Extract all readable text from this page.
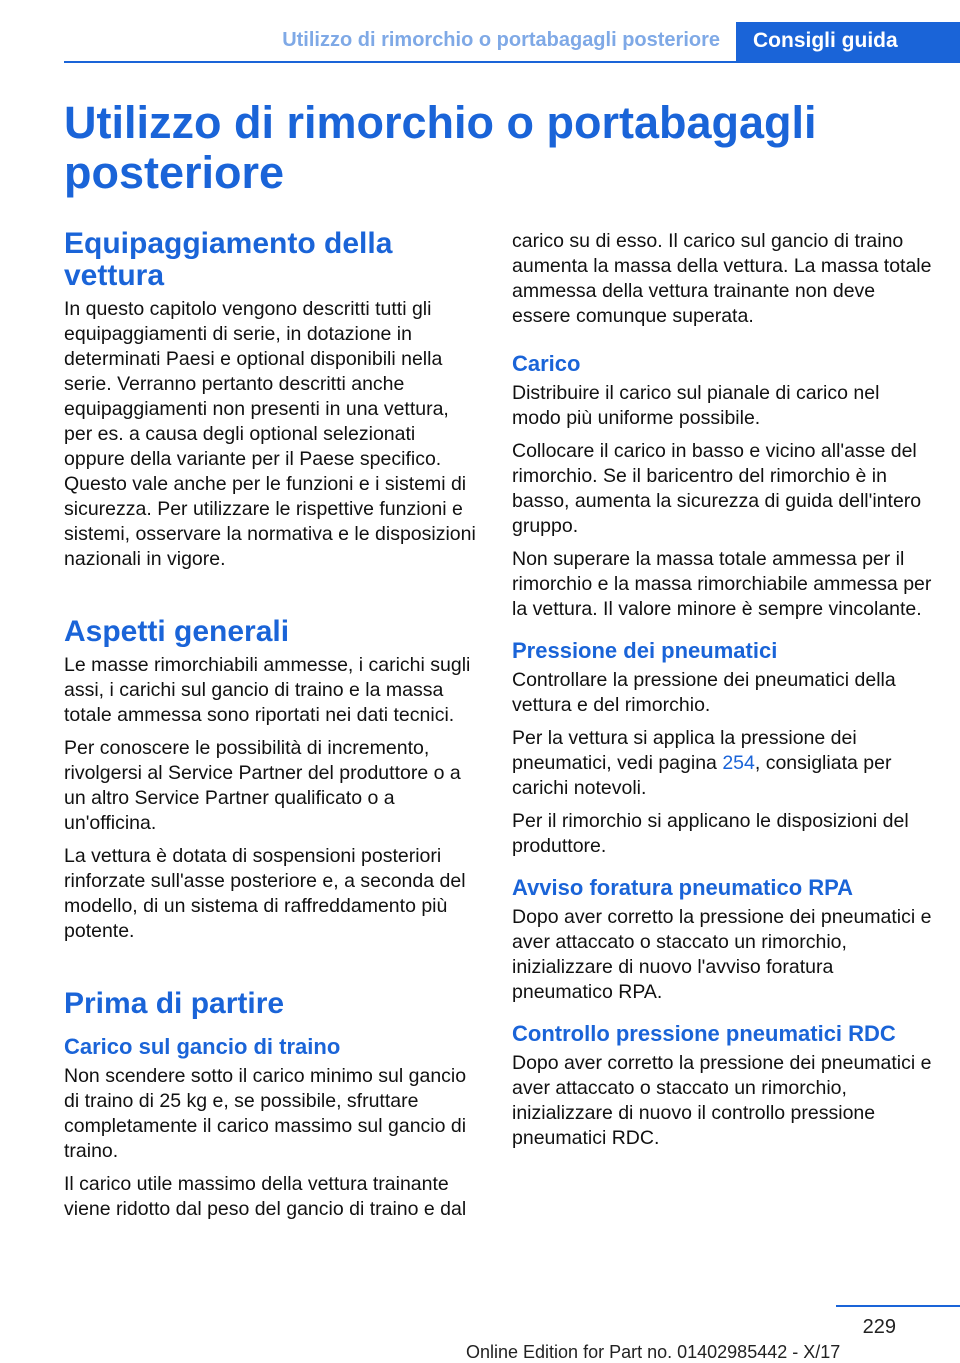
Utilizzo di rimorchio o portabagagli posteriore	Consigli guida
Utilizzo di rimorchio o portabagagli posteriore
Equipaggiamento della vettura

In questo capitolo vengono descritti tutti gli equipaggiamenti di serie, in dotazione in determinati Paesi e optional disponibili nella serie. Verranno pertanto descritti anche equipaggiamenti non presenti in una vettura, per es. a causa degli optional selezionati oppure della variante per il Paese specifico. Questo vale anche per le funzioni e i sistemi di sicurezza. Per utilizzare le rispettive funzioni e sistemi, osservare la normativa e le disposizioni nazionali in vigore.

Aspetti generali

Le masse rimorchiabili ammesse, i carichi sugli assi, i carichi sul gancio di traino e la massa totale ammessa sono riportati nei dati tecnici.

Per conoscere le possibilità di incremento, rivolgersi al Service Partner del produttore o a un altro Service Partner qualificato o a un'officina.

La vettura è dotata di sospensioni posteriori rinforzate sull'asse posteriore e, a seconda del modello, di un sistema di raffreddamento più potente.

Prima di partire
Carico sul gancio di traino

Non scendere sotto il carico minimo sul gancio di traino di 25 kg e, se possibile, sfruttare completamente il carico massimo sul gancio di traino.

Il carico utile massimo della vettura trainante viene ridotto dal peso del gancio di traino e dal

carico su di esso. Il carico sul gancio di traino aumenta la massa della vettura. La massa totale ammessa della vettura trainante non deve essere comunque superata.

Carico

Distribuire il carico sul pianale di carico nel modo più uniforme possibile.

Collocare il carico in basso e vicino all'asse del rimorchio. Se il baricentro del rimorchio è in basso, aumenta la sicurezza di guida dell'intero gruppo.

Non superare la massa totale ammessa per il rimorchio e la massa rimorchiabile ammessa per la vettura. Il valore minore è sempre vincolante.

Pressione dei pneumatici

Controllare la pressione dei pneumatici della vettura e del rimorchio.

Per la vettura si applica la pressione dei pneumatici, vedi pagina 254, consigliata per carichi notevoli.

Per il rimorchio si applicano le disposizioni del produttore.

Avviso foratura pneumatico RPA

Dopo aver corretto la pressione dei pneumatici e aver attaccato o staccato un rimorchio, inizializzare di nuovo l'avviso foratura pneumatico RPA.

Controllo pressione pneumatici RDC

Dopo aver corretto la pressione dei pneumatici e aver attaccato o staccato un rimorchio, inizializzare di nuovo il controllo pressione pneumatici RDC.

229
Online Edition for Part no. 01402985442 - X/17
